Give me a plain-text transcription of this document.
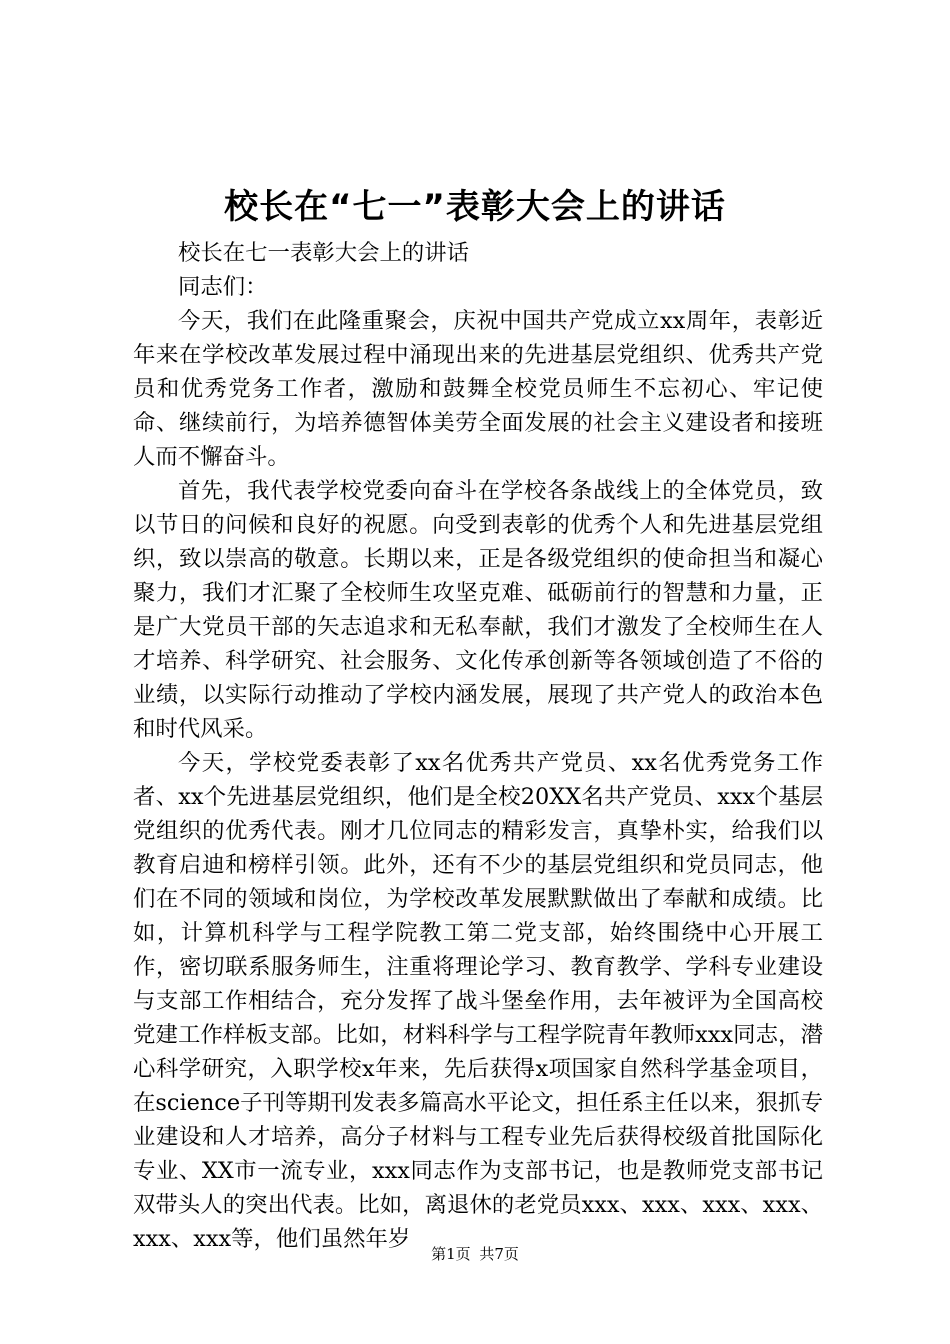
校长在“七一”表彰大会上的讲话

校长在七一表彰大会上的讲话

同志们：

今天，我们在此隆重聚会，庆祝中国共产党成立xx周年，表彰近年来在学校改革发展过程中涌现出来的先进基层党组织、优秀共产党员和优秀党务工作者，激励和鼓舞全校党员师生不忘初心、牢记使命、继续前行，为培养德智体美劳全面发展的社会主义建设者和接班人而不懈奋斗。

首先，我代表学校党委向奋斗在学校各条战线上的全体党员，致以节日的问候和良好的祝愿。向受到表彰的优秀个人和先进基层党组织，致以崇高的敬意。长期以来，正是各级党组织的使命担当和凝心聚力，我们才汇聚了全校师生攻坚克难、砥砺前行的智慧和力量，正是广大党员干部的矢志追求和无私奉献，我们才激发了全校师生在人才培养、科学研究、社会服务、文化传承创新等各领域创造了不俗的业绩，以实际行动推动了学校内涵发展，展现了共产党人的政治本色和时代风采。

今天，学校党委表彰了xx名优秀共产党员、xx名优秀党务工作者、xx个先进基层党组织，他们是全校20XX名共产党员、xxx个基层党组织的优秀代表。刚才几位同志的精彩发言，真挚朴实，给我们以教育启迪和榜样引领。此外，还有不少的基层党组织和党员同志，他们在不同的领域和岗位，为学校改革发展默默做出了奉献和成绩。比如，计算机科学与工程学院教工第二党支部，始终围绕中心开展工作，密切联系服务师生，注重将理论学习、教育教学、学科专业建设与支部工作相结合，充分发挥了战斗堡垒作用，去年被评为全国高校党建工作样板支部。比如，材料科学与工程学院青年教师xxx同志，潜心科学研究，入职学校x年来，先后获得x项国家自然科学基金项目，在science子刊等期刊发表多篇高水平论文，担任系主任以来，狠抓专业建设和人才培养，高分子材料与工程专业先后获得校级首批国际化专业、XX市一流专业，xxx同志作为支部书记，也是教师党支部书记双带头人的突出代表。比如，离退休的老党员xxx、xxx、xxx、xxx、xxx、xxx等，他们虽然年岁

第1页 共7页
